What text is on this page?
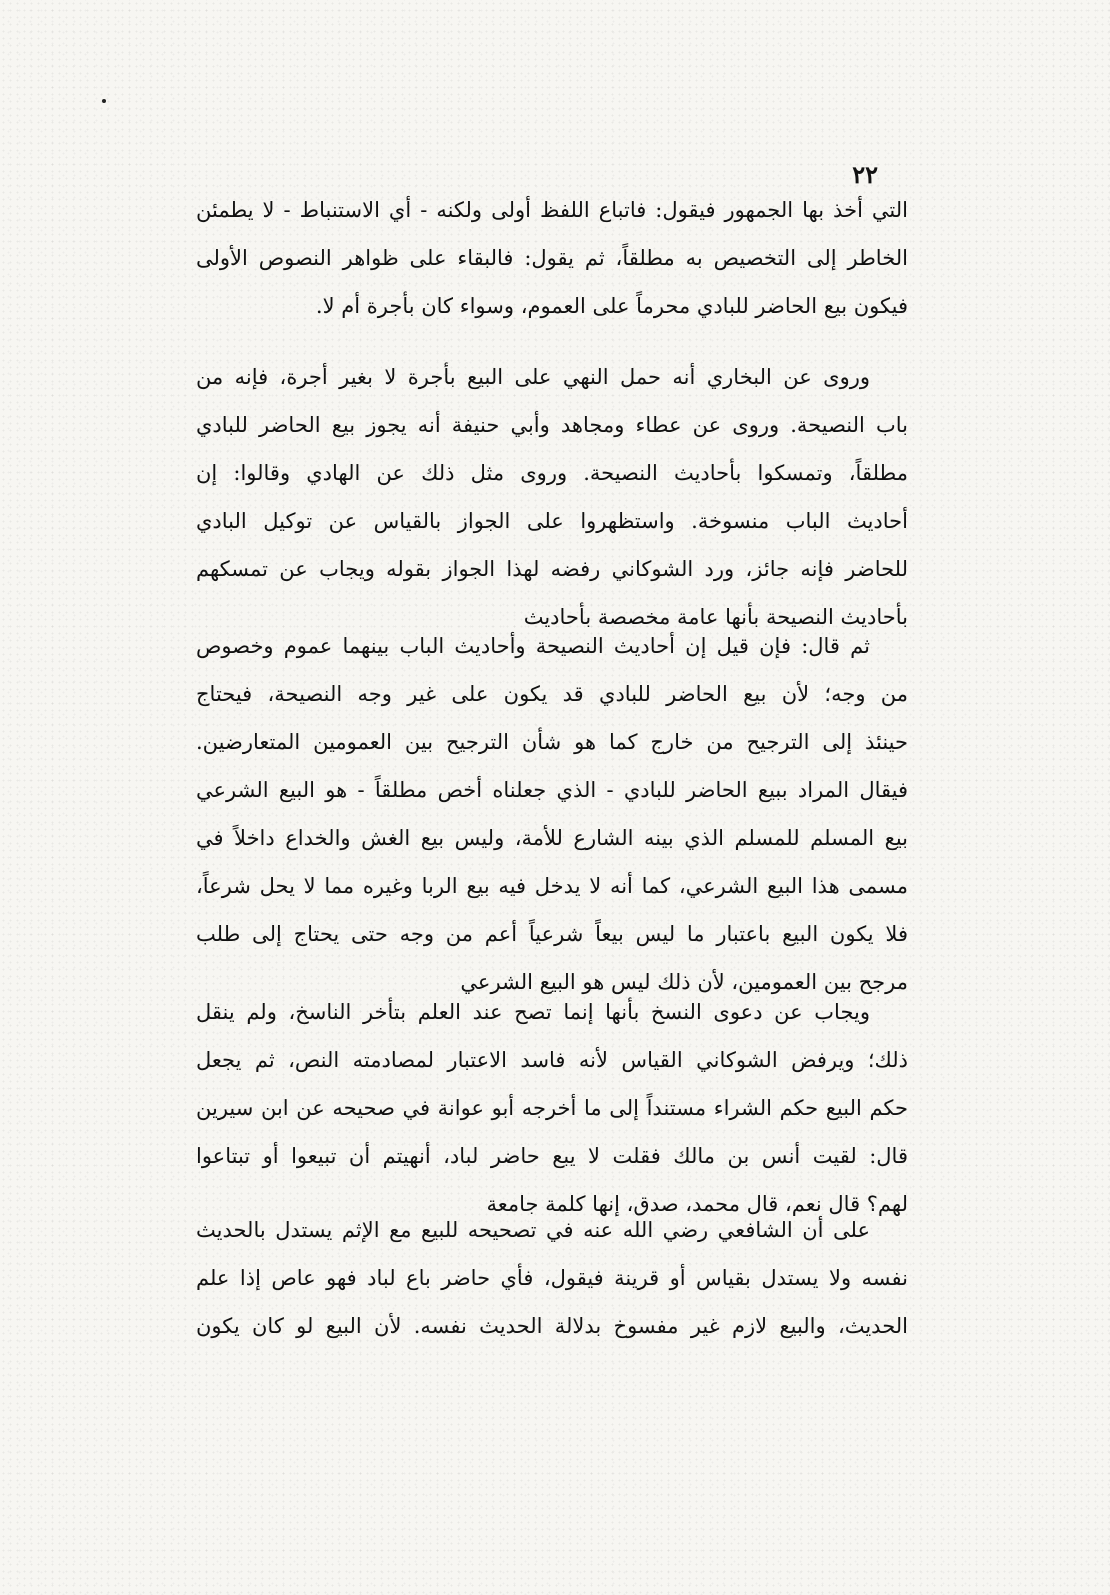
٢٢
التي أخذ بها الجمهور فيقول: فاتباع اللفظ أولى ولكنه - أي الاستنباط - لا يطمئن
الخاطر إلى التخصيص به مطلقاً، ثم يقول: فالبقاء على ظواهر النصوص الأولى
فيكون بيع الحاضر للبادي محرماً على العموم، وسواء كان بأجرة أم لا.
وروى عن البخاري أنه حمل النهي على البيع بأجرة لا بغير أجرة، فإنه من
باب النصيحة. وروى عن عطاء ومجاهد وأبي حنيفة أنه يجوز بيع الحاضر للبادي
مطلقاً، وتمسكوا بأحاديث النصيحة. وروى مثل ذلك عن الهادي وقالوا: إن
أحاديث الباب منسوخة. واستظهروا على الجواز بالقياس عن توكيل البادي
للحاضر فإنه جائز، ورد الشوكاني رفضه لهذا الجواز بقوله ويجاب عن تمسكهم
بأحاديث النصيحة بأنها عامة مخصصة بأحاديث
ثم قال: فإن قيل إن أحاديث النصيحة وأحاديث الباب بينهما عموم وخصوص
من وجه؛ لأن بيع الحاضر للبادي قد يكون على غير وجه النصيحة، فيحتاج
حينئذ إلى الترجيح من خارج كما هو شأن الترجيح بين العمومين المتعارضين.
فيقال المراد ببيع الحاضر للبادي - الذي جعلناه أخص مطلقاً - هو البيع الشرعي
بيع المسلم للمسلم الذي بينه الشارع للأمة، وليس بيع الغش والخداع داخلاً في
مسمى هذا البيع الشرعي، كما أنه لا يدخل فيه بيع الربا وغيره مما لا يحل شرعاً،
فلا يكون البيع باعتبار ما ليس بيعاً شرعياً أعم من وجه حتى يحتاج إلى طلب
مرجح بين العمومين، لأن ذلك ليس هو البيع الشرعي
ويجاب عن دعوى النسخ بأنها إنما تصح عند العلم بتأخر الناسخ، ولم ينقل
ذلك؛ ويرفض الشوكاني القياس لأنه فاسد الاعتبار لمصادمته النص، ثم يجعل
حكم البيع حكم الشراء مستنداً إلى ما أخرجه أبو عوانة في صحيحه عن ابن سيرين
قال: لقيت أنس بن مالك فقلت لا يبع حاضر لباد، أنهيتم أن تبيعوا أو تبتاعوا
لهم؟ قال نعم، قال محمد، صدق، إنها كلمة جامعة
على أن الشافعي رضي الله عنه في تصحيحه للبيع مع الإثم يستدل بالحديث
نفسه ولا يستدل بقياس أو قرينة فيقول، فأي حاضر باع لباد فهو عاص إذا علم
الحديث، والبيع لازم غير مفسوخ بدلالة الحديث نفسه. لأن البيع لو كان يكون
